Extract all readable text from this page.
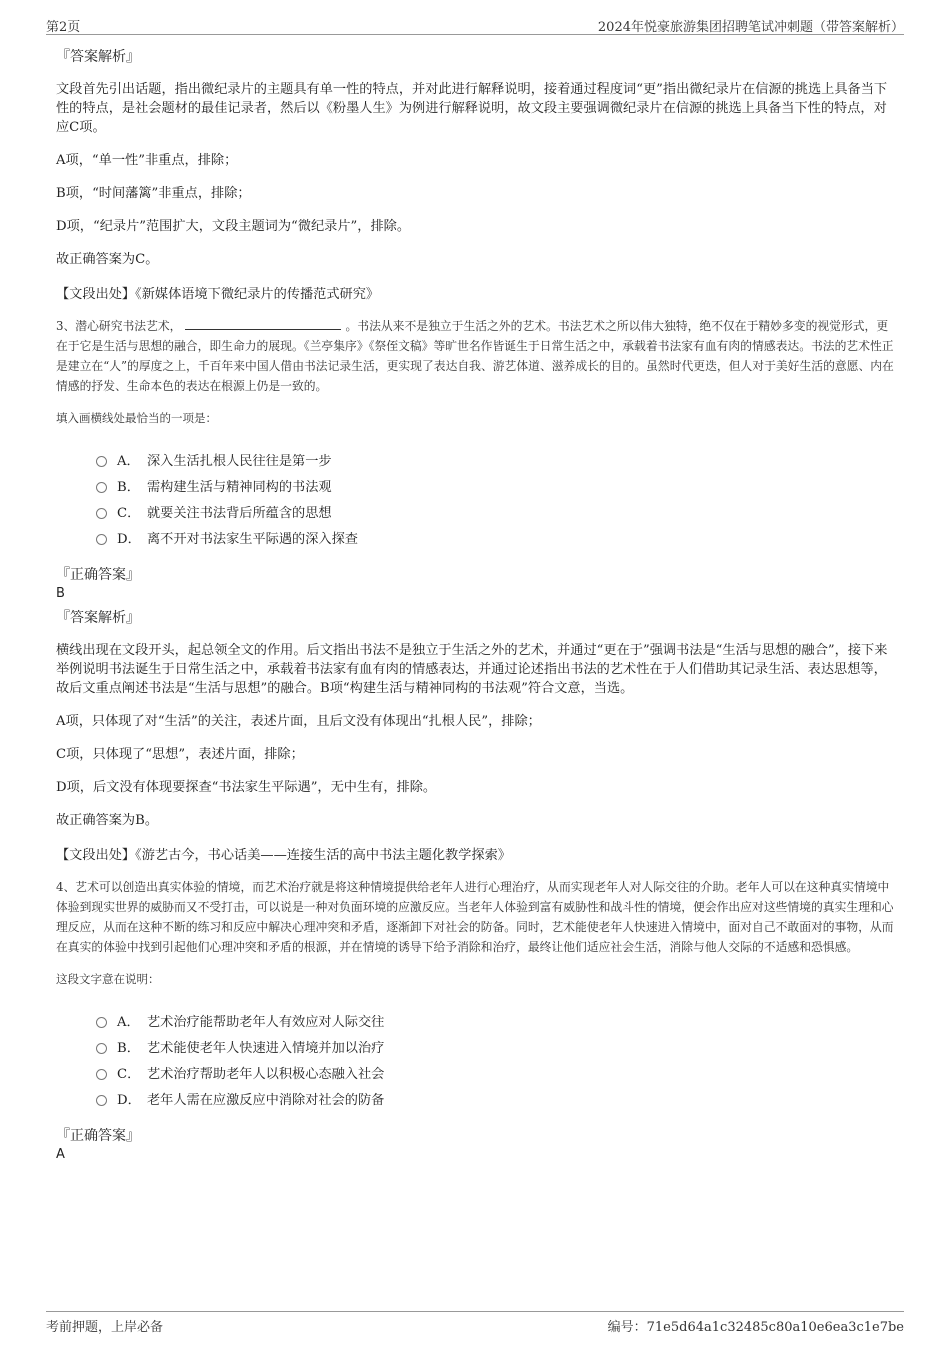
第2页	2024年悦豪旅游集团招聘笔试冲刺题（带答案解析）
『答案解析』

文段首先引出话题，指出微纪录片的主题具有单一性的特点，并对此进行解释说明，接着通过程度词“更”指出微纪录片在信源的挑选上具备当下性的特点，是社会题材的最佳记录者，然后以《粉墨人生》为例进行解释说明，故文段主要强调微纪录片在信源的挑选上具备当下性的特点，对应C项。

A项，“单一性”非重点，排除；

B项，“时间藩篱”非重点，排除；

D项，“纪录片”范围扩大，文段主题词为“微纪录片”，排除。

故正确答案为C。

【文段出处】《新媒体语境下微纪录片的传播范式研究》

3、潜心研究书法艺术，	。书法从来不是独立于生活之外的艺术。书法艺术之所以伟大独特，绝不仅在于精妙多变的视觉形式，更在于它是生活与思想的融合，即生命力的展现。《兰亭集序》《祭侄文稿》等旷世名作皆诞生于日常生活之中，承载着书法家有血有肉的情感表达。书法的艺术性正是建立在“人”的厚度之上，千百年来中国人借由书法记录生活，更实现了表达自我、游艺体道、滋养成长的目的。虽然时代更迭，但人对于美好生活的意愿、内在情感的抒发、生命本色的表达在根源上仍是一致的。

填入画横线处最恰当的一项是：

A． 深入生活扎根人民往往是第一步
B． 需构建生活与精神同构的书法观
C． 就要关注书法背后所蕴含的思想
D． 离不开对书法家生平际遇的深入探查
『正确答案』
B
『答案解析』

横线出现在文段开头，起总领全文的作用。后文指出书法不是独立于生活之外的艺术，并通过“更在于”强调书法是“生活与思想的融合”，接下来举例说明书法诞生于日常生活之中，承载着书法家有血有肉的情感表达，并通过论述指出书法的艺术性在于人们借助其记录生活、表达思想等，故后文重点阐述书法是“生活与思想”的融合。B项“构建生活与精神同构的书法观”符合文意，当选。

A项，只体现了对“生活”的关注，表述片面，且后文没有体现出“扎根人民”，排除；

C项，只体现了“思想”，表述片面，排除；

D项，后文没有体现要探查“书法家生平际遇”，无中生有，排除。

故正确答案为B。

【文段出处】《游艺古今，书心话美——连接生活的高中书法主题化教学探索》

4、艺术可以创造出真实体验的情境，而艺术治疗就是将这种情境提供给老年人进行心理治疗，从而实现老年人对人际交往的介助。老年人可以在这种真实情境中体验到现实世界的威胁而又不受打击，可以说是一种对负面环境的应激反应。当老年人体验到富有威胁性和战斗性的情境，便会作出应对这些情境的真实生理和心理反应，从而在这种不断的练习和反应中解决心理冲突和矛盾，逐渐卸下对社会的防备。同时，艺术能使老年人快速进入情境中，面对自己不敢面对的事物，从而在真实的体验中找到引起他们心理冲突和矛盾的根源，并在情境的诱导下给予消除和治疗，最终让他们适应社会生活，消除与他人交际的不适感和恐惧感。

这段文字意在说明：

A． 艺术治疗能帮助老年人有效应对人际交往
B． 艺术能使老年人快速进入情境并加以治疗
C． 艺术治疗帮助老年人以积极心态融入社会
D． 老年人需在应激反应中消除对社会的防备
『正确答案』
A
考前押题，上岸必备	编号：71e5d64a1c32485c80a10e6ea3c1e7be
